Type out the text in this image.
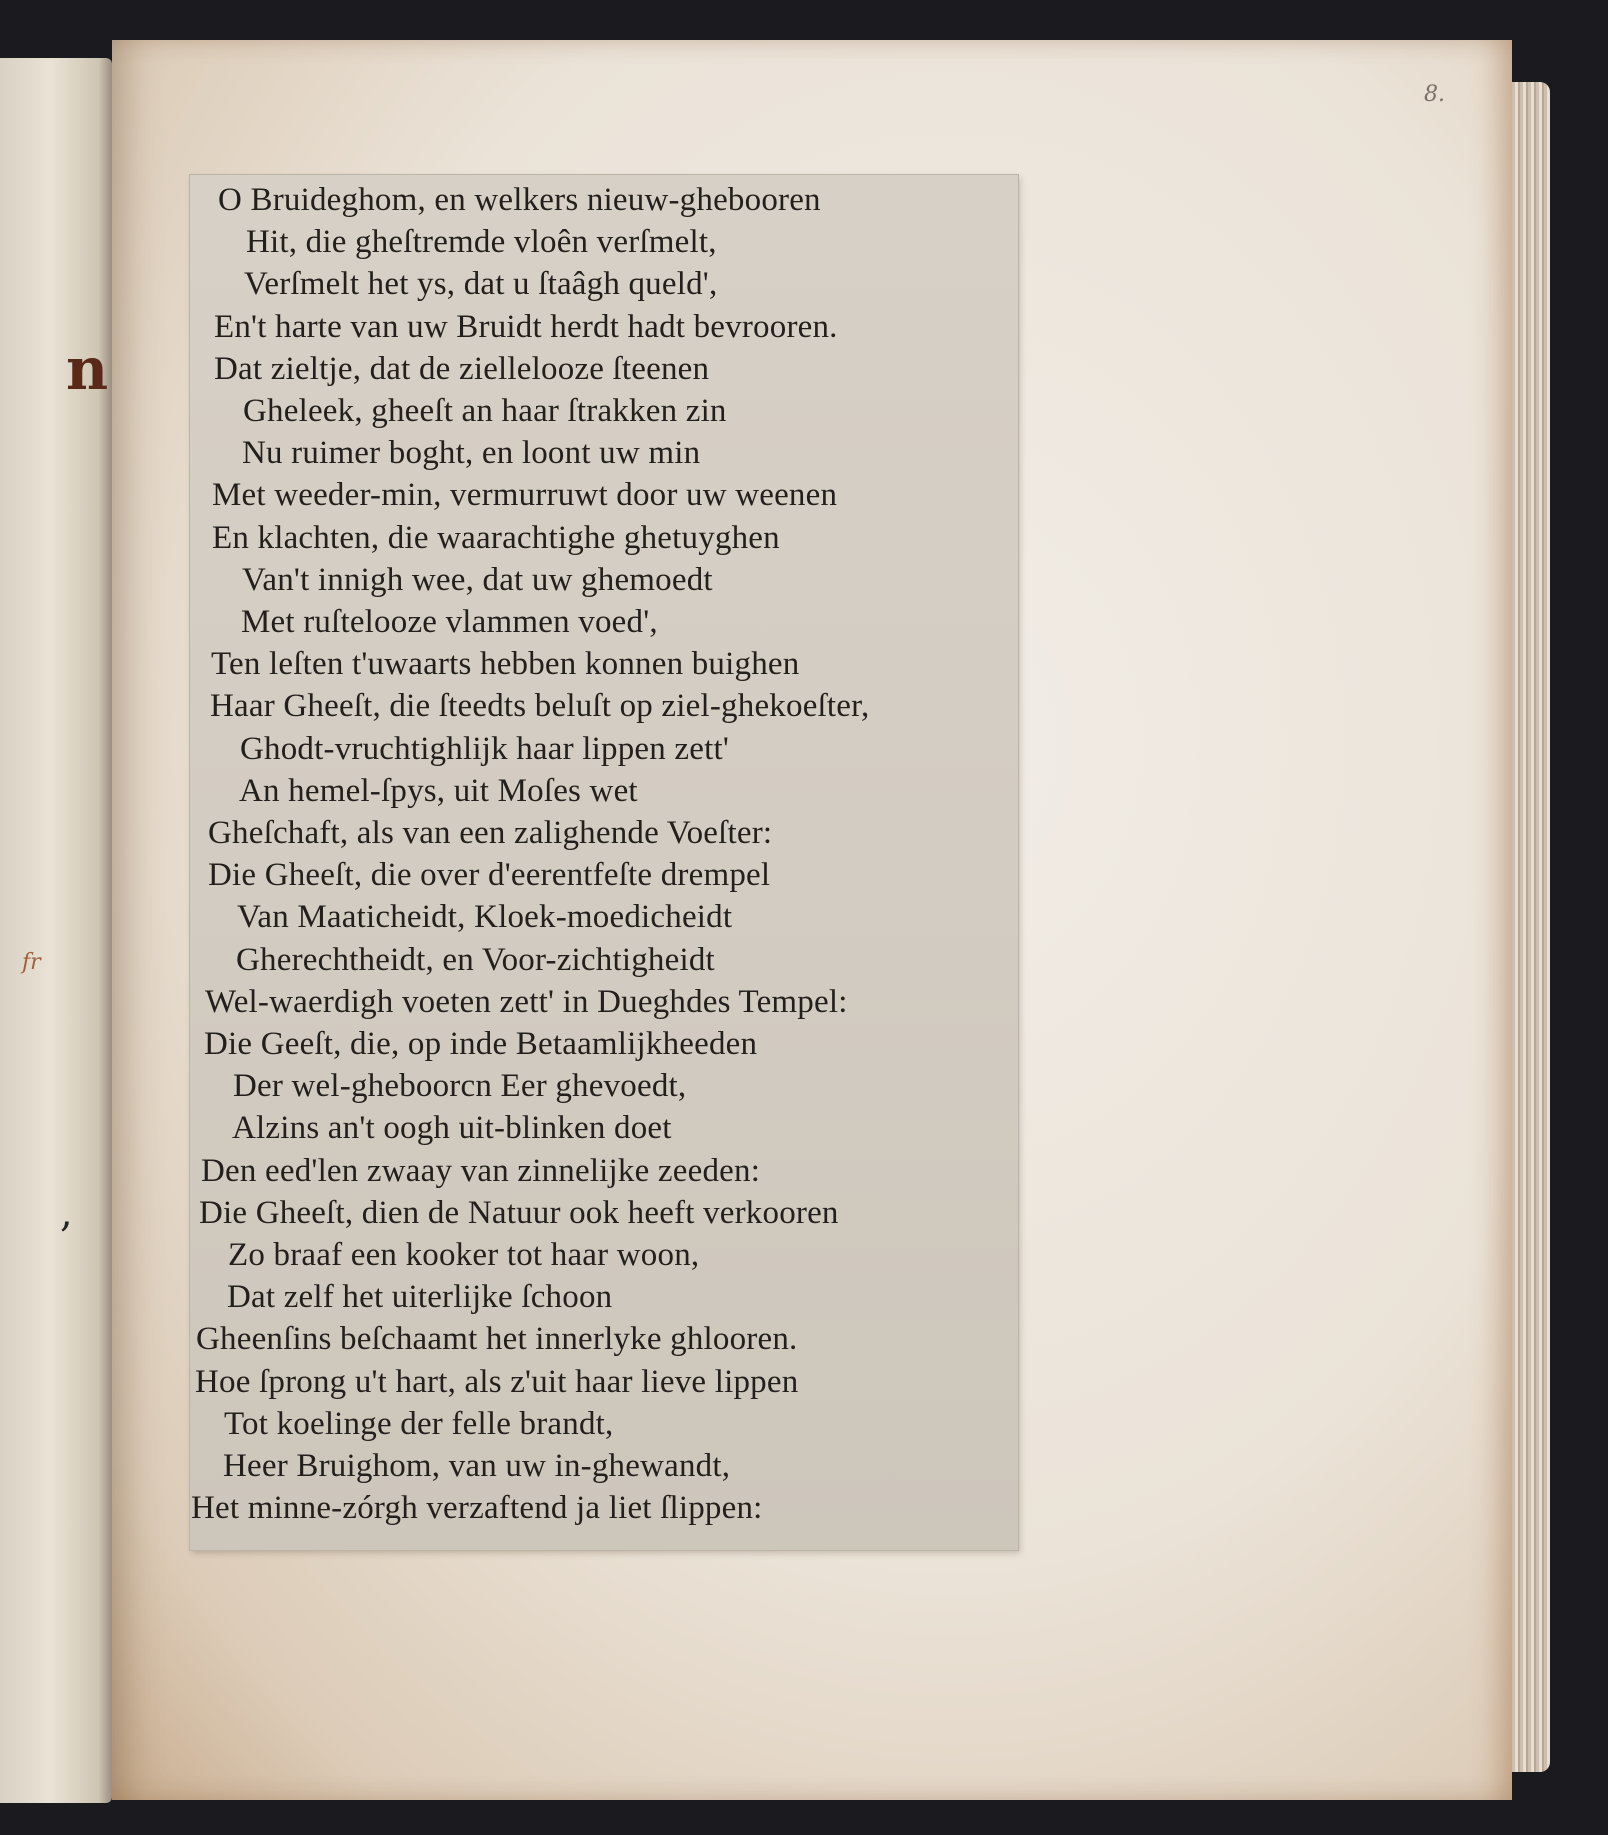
n
,
fr
8.
O Bruideghom, en welkers nieuw-ghebooren
Hit, die gheſtremde vloên verſmelt,
Verſmelt het ys, dat u ſtaâgh queld',
En't harte van uw Bruidt herdt hadt bevrooren.
Dat zieltje, dat de ziellelooze ſteenen
Gheleek, gheeſt an haar ſtrakken zin
Nu ruimer boght, en loont uw min
Met weeder-min, vermurruwt door uw weenen
En klachten, die waarachtighe ghetuyghen
Van't innigh wee, dat uw ghemoedt
Met ruſtelooze vlammen voed',
Ten leſten t'uwaarts hebben konnen buighen
Haar Gheeſt, die ſteedts beluſt op ziel-ghekoeſter,
Ghodt-vruchtighlijk haar lippen zett'
An hemel-ſpys, uit Moſes wet
Gheſchaft, als van een zalighende Voeſter:
Die Gheeſt, die over d'eerentfeſte drempel
Van Maaticheidt, Kloek-moedicheidt
Gherechtheidt, en Voor-zichtigheidt
Wel-waerdigh voeten zett' in Dueghdes Tempel:
Die Geeſt, die, op inde Betaamlijkheeden
Der wel-gheboorcn Eer ghevoedt,
Alzins an't oogh uit-blinken doet
Den eed'len zwaay van zinnelijke zeeden:
Die Gheeſt, dien de Natuur ook heeft verkooren
Zo braaf een kooker tot haar woon,
Dat zelf het uiterlijke ſchoon
Gheenſins beſchaamt het innerlyke ghlooren.
Hoe ſprong u't hart, als z'uit haar lieve lippen
Tot koelinge der felle brandt,
Heer Bruighom, van uw in-ghewandt,
Het minne-zórgh verzaftend ja liet ſlippen:
